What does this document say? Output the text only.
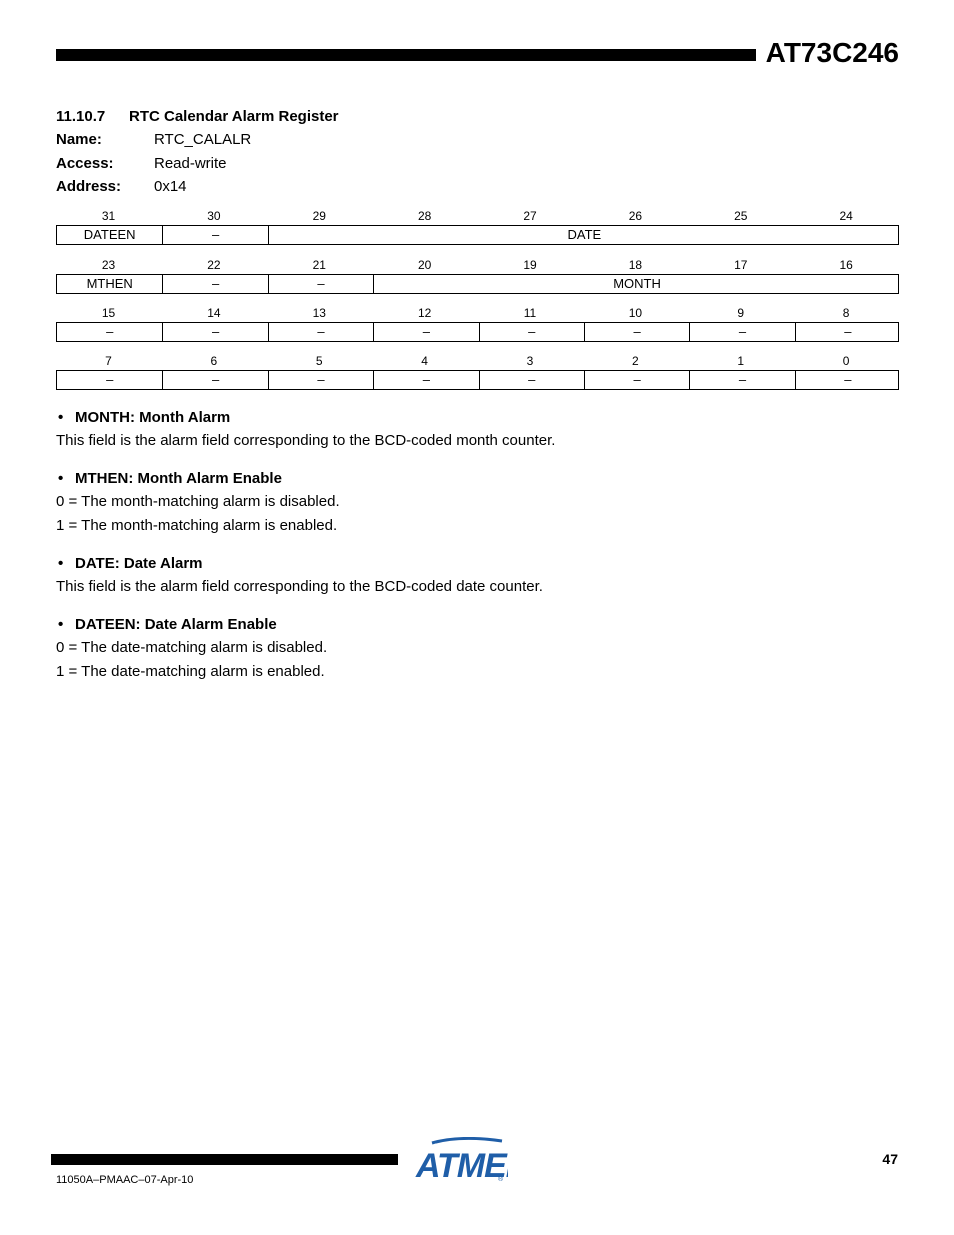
AT73C246
11.10.7 RTC Calendar Alarm Register
Name:	RTC_CALALR
Access:	Read-write
Address: 0x14
31	30	29	28	27	26	25	24
DATEEN	–	DATE
23	22	21	20	19	18	17	16
MTHEN	–	–	MONTH
15	14	13	12	11	10	9	8
–	–	–	–	–	–	–	–
7	6	5	4	3	2	1	0
–	–	–	–	–	–	–	–
• MONTH: Month Alarm
This field is the alarm field corresponding to the BCD-coded month counter.
• MTHEN: Month Alarm Enable
0 = The month-matching alarm is disabled.
1 = The month-matching alarm is enabled.
• DATE: Date Alarm
This field is the alarm field corresponding to the BCD-coded date counter.
• DATEEN: Date Alarm Enable
0 = The date-matching alarm is disabled.
1 = The date-matching alarm is enabled.
ATME
®
47
11050A–PMAAC–07-Apr-10
